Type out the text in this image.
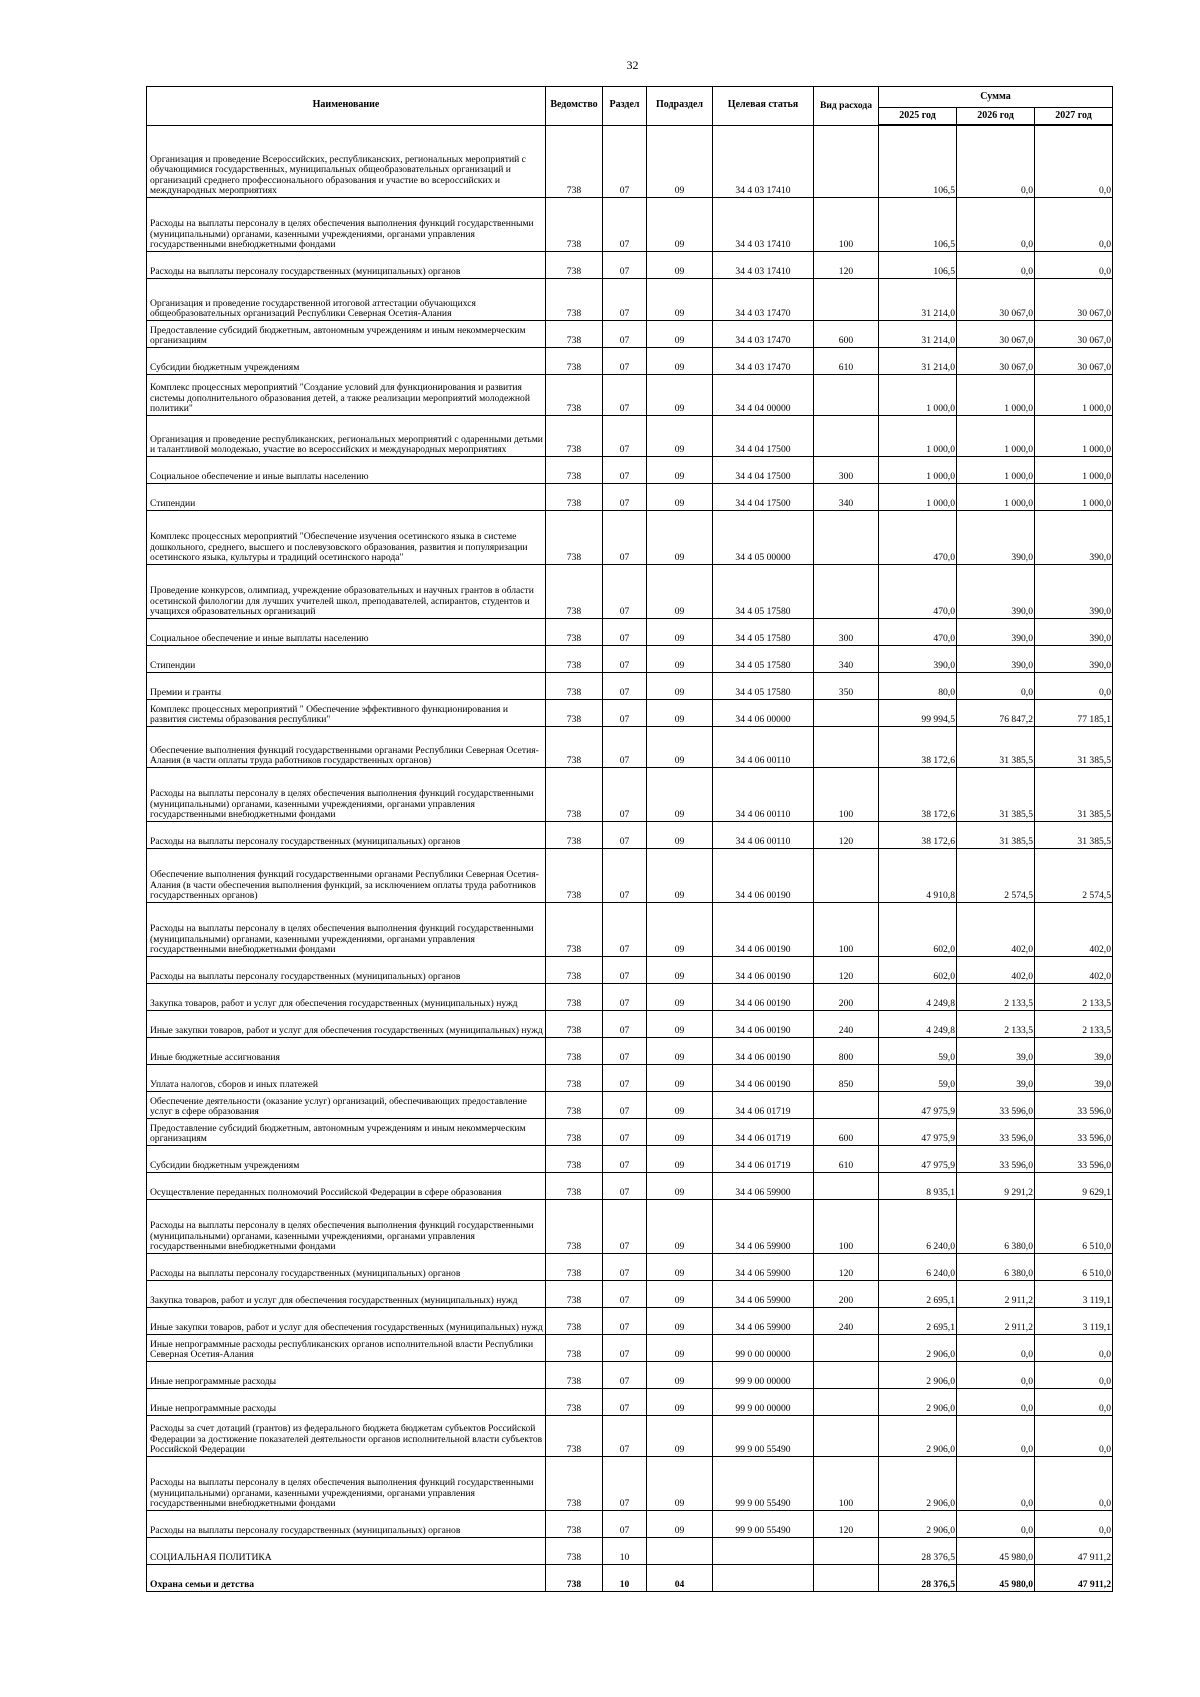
32
Наименование	Ведомство	Раздел	Подраздел	Целевая статья	Вид расхода	Сумма		
						2025 год	2026 год	2027 год
Организация и проведение Всероссийских, республиканских, региональных мероприятий с обучающимися государственных, муниципальных общеобразовательных организаций и организаций среднего профессионального образования и участие во всероссийских и международных мероприятиях	738	07	09	34 4 03 17410		106,5	0,0	0,0
Расходы на выплаты персоналу в целях обеспечения выполнения функций государственными (муниципальными) органами, казенными учреждениями, органами управления государственными внебюджетными фондами	738	07	09	34 4 03 17410	100	106,5	0,0	0,0
Расходы на выплаты персоналу государственных (муниципальных) органов	738	07	09	34 4 03 17410	120	106,5	0,0	0,0
Организация и проведение государственной итоговой аттестации обучающихся общеобразовательных организаций Республики Северная Осетия-Алания	738	07	09	34 4 03 17470		31 214,0	30 067,0	30 067,0
Предоставление субсидий бюджетным, автономным учреждениям и иным некоммерческим организациям	738	07	09	34 4 03 17470	600	31 214,0	30 067,0	30 067,0
Субсидии бюджетным учреждениям	738	07	09	34 4 03 17470	610	31 214,0	30 067,0	30 067,0
Комплекс процессных мероприятий "Создание условий для функционирования и развития системы дополнительного образования детей, а также реализации мероприятий молодежной политики"	738	07	09	34 4 04 00000		1 000,0	1 000,0	1 000,0
Организация и проведение республиканских, региональных мероприятий с одаренными детьми и талантливой молодежью, участие во всероссийских и международных мероприятиях	738	07	09	34 4 04 17500		1 000,0	1 000,0	1 000,0
Социальное обеспечение и иные выплаты населению	738	07	09	34 4 04 17500	300	1 000,0	1 000,0	1 000,0
Стипендии	738	07	09	34 4 04 17500	340	1 000,0	1 000,0	1 000,0
Комплекс процессных мероприятий "Обеспечение изучения осетинского языка в системе дошкольного, среднего, высшего и послевузовского образования, развития и популяризации осетинского языка, культуры и традиций осетинского народа"	738	07	09	34 4 05 00000		470,0	390,0	390,0
Проведение конкурсов, олимпиад, учреждение образовательных и научных грантов в области осетинской филологии для лучших учителей школ, преподавателей, аспирантов, студентов и учащихся образовательных организаций	738	07	09	34 4 05 17580		470,0	390,0	390,0
Социальное обеспечение и иные выплаты населению	738	07	09	34 4 05 17580	300	470,0	390,0	390,0
Стипендии	738	07	09	34 4 05 17580	340	390,0	390,0	390,0
Премии и гранты	738	07	09	34 4 05 17580	350	80,0	0,0	0,0
Комплекс процессных мероприятий " Обеспечение эффективного функционирования и развития системы образования республики"	738	07	09	34 4 06 00000		99 994,5	76 847,2	77 185,1
Обеспечение выполнения функций государственными органами Республики Северная Осетия-Алания (в части оплаты труда работников государственных органов)	738	07	09	34 4 06 00110		38 172,6	31 385,5	31 385,5
Расходы на выплаты персоналу в целях обеспечения выполнения функций государственными (муниципальными) органами, казенными учреждениями, органами управления государственными внебюджетными фондами	738	07	09	34 4 06 00110	100	38 172,6	31 385,5	31 385,5
Расходы на выплаты персоналу государственных (муниципальных) органов	738	07	09	34 4 06 00110	120	38 172,6	31 385,5	31 385,5
Обеспечение выполнения функций государственными органами Республики Северная Осетия-Алания (в части обеспечения выполнения функций, за исключением оплаты труда работников государственных органов)	738	07	09	34 4 06 00190		4 910,8	2 574,5	2 574,5
Расходы на выплаты персоналу в целях обеспечения выполнения функций государственными (муниципальными) органами, казенными учреждениями, органами управления государственными внебюджетными фондами	738	07	09	34 4 06 00190	100	602,0	402,0	402,0
Расходы на выплаты персоналу государственных (муниципальных) органов	738	07	09	34 4 06 00190	120	602,0	402,0	402,0
Закупка товаров, работ и услуг для обеспечения государственных (муниципальных) нужд	738	07	09	34 4 06 00190	200	4 249,8	2 133,5	2 133,5
Иные закупки товаров, работ и услуг для обеспечения государственных (муниципальных) нужд	738	07	09	34 4 06 00190	240	4 249,8	2 133,5	2 133,5
Иные бюджетные ассигнования	738	07	09	34 4 06 00190	800	59,0	39,0	39,0
Уплата налогов, сборов и иных платежей	738	07	09	34 4 06 00190	850	59,0	39,0	39,0
Обеспечение деятельности (оказание услуг) организаций, обеспечивающих предоставление услуг в сфере образования	738	07	09	34 4 06 01719		47 975,9	33 596,0	33 596,0
Предоставление субсидий бюджетным, автономным учреждениям и иным некоммерческим организациям	738	07	09	34 4 06 01719	600	47 975,9	33 596,0	33 596,0
Субсидии бюджетным учреждениям	738	07	09	34 4 06 01719	610	47 975,9	33 596,0	33 596,0
Осуществление переданных полномочий Российской Федерации в сфере образования	738	07	09	34 4 06 59900		8 935,1	9 291,2	9 629,1
Расходы на выплаты персоналу в целях обеспечения выполнения функций государственными (муниципальными) органами, казенными учреждениями, органами управления государственными внебюджетными фондами	738	07	09	34 4 06 59900	100	6 240,0	6 380,0	6 510,0
Расходы на выплаты персоналу государственных (муниципальных) органов	738	07	09	34 4 06 59900	120	6 240,0	6 380,0	6 510,0
Закупка товаров, работ и услуг для обеспечения государственных (муниципальных) нужд	738	07	09	34 4 06 59900	200	2 695,1	2 911,2	3 119,1
Иные закупки товаров, работ и услуг для обеспечения государственных (муниципальных) нужд	738	07	09	34 4 06 59900	240	2 695,1	2 911,2	3 119,1
Иные непрограммные расходы республиканских органов исполнительной власти Республики Северная Осетия-Алания	738	07	09	99 0 00 00000		2 906,0	0,0	0,0
Иные непрограммные расходы	738	07	09	99 9 00 00000		2 906,0	0,0	0,0
Иные непрограммные расходы	738	07	09	99 9 00 00000		2 906,0	0,0	0,0
Расходы за счет дотаций (грантов) из федерального бюджета бюджетам субъектов Российской Федерации за достижение показателей деятельности органов исполнительной власти субъектов Российской Федерации	738	07	09	99 9 00 55490		2 906,0	0,0	0,0
Расходы на выплаты персоналу в целях обеспечения выполнения функций государственными (муниципальными) органами, казенными учреждениями, органами управления государственными внебюджетными фондами	738	07	09	99 9 00 55490	100	2 906,0	0,0	0,0
Расходы на выплаты персоналу государственных (муниципальных) органов	738	07	09	99 9 00 55490	120	2 906,0	0,0	0,0
СОЦИАЛЬНАЯ ПОЛИТИКА	738	10				28 376,5	45 980,0	47 911,2
Охрана семьи и детства	738	10	04			28 376,5	45 980,0	47 911,2
